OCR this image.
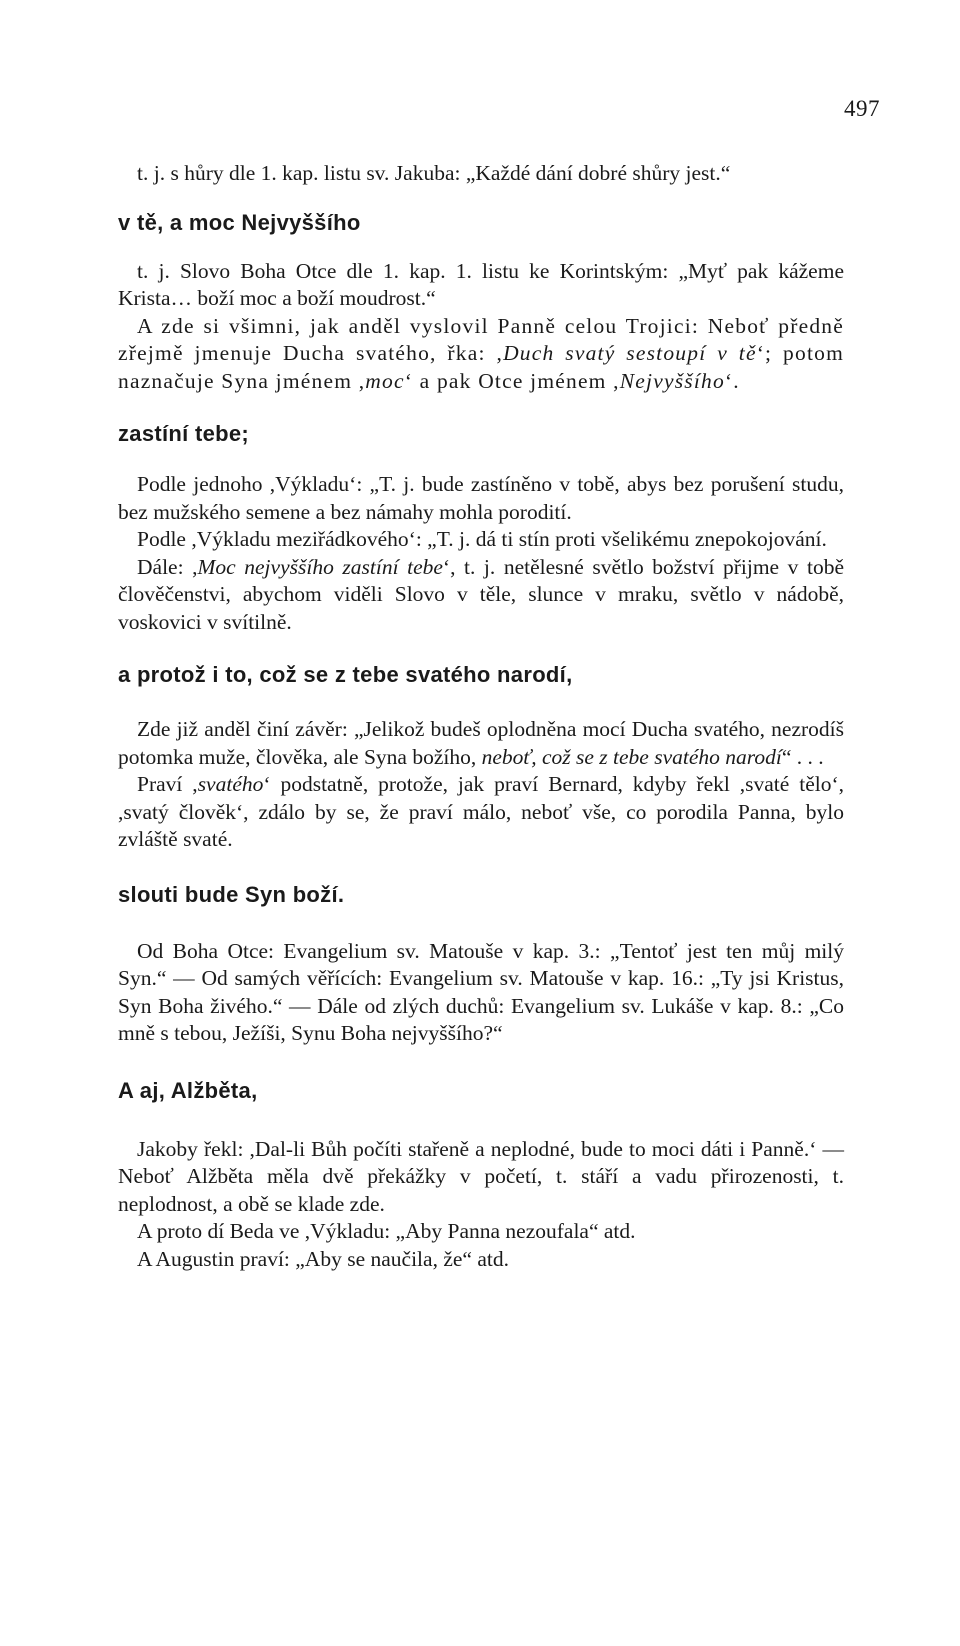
497

t. j. s hůry dle 1. kap. listu sv. Jakuba: „Každé dání dobré shůry jest.“

v tě, a moc Nejvyššího

t. j. Slovo Boha Otce dle 1. kap. 1. listu ke Korintským: „Myť pak kážeme Krista… boží moc a boží moudrost.“

A zde si všimni, jak anděl vyslovil Panně celou Trojici: Neboť předně zřejmě jmenuje Ducha svatého, řka: ,Duch svatý sestoupí v tě‘; potom naznačuje Syna jménem ,moc‘ a pak Otce jménem ,Nejvyššího‘.

zastíní tebe;

Podle jednoho ,Výkladu‘: „T. j. bude zastíněno v tobě, abys bez porušení studu, bez mužského semene a bez námahy mohla porodití.

Podle ,Výkladu meziřádkového‘: „T. j. dá ti stín proti všelikému znepokojování.

Dále: ,Moc nejvyššího zastíní tebe‘, t. j. netělesné světlo božství přijme v tobě člověčenstvi, abychom viděli Slovo v těle, slunce v mraku, světlo v nádobě, voskovici v svítilně.

a protož i to, což se z tebe svatého narodí,

Zde již anděl činí závěr: „Jelikož budeš oplodněna mocí Ducha svatého, nezrodíš potomka muže, člověka, ale Syna božího, neboť, což se z tebe svatého narodí“ . . .

Praví ,svatého‘ podstatně, protože, jak praví Bernard, kdyby řekl ,svaté tělo‘, ,svatý člověk‘, zdálo by se, že praví málo, neboť vše, co porodila Panna, bylo zvláště svaté.

slouti bude Syn boží.

Od Boha Otce: Evangelium sv. Matouše v kap. 3.: „Tentoť jest ten můj milý Syn.“ — Od samých věřících: Evangelium sv. Matouše v kap. 16.: „Ty jsi Kristus, Syn Boha živého.“ — Dále od zlých duchů: Evangelium sv. Lukáše v kap. 8.: „Co mně s tebou, Ježíši, Synu Boha nejvyššího?“

A aj, Alžběta,

Jakoby řekl: ,Dal-li Bůh počíti stařeně a neplodné, bude to moci dáti i Panně.‘ — Neboť Alžběta měla dvě překážky v početí, t. stáří a vadu přirozenosti, t. neplodnost, a obě se klade zde.

A proto dí Beda ve ,Výkladu: „Aby Panna nezoufala“ atd.

A Augustin praví: „Aby se naučila, že“ atd.
